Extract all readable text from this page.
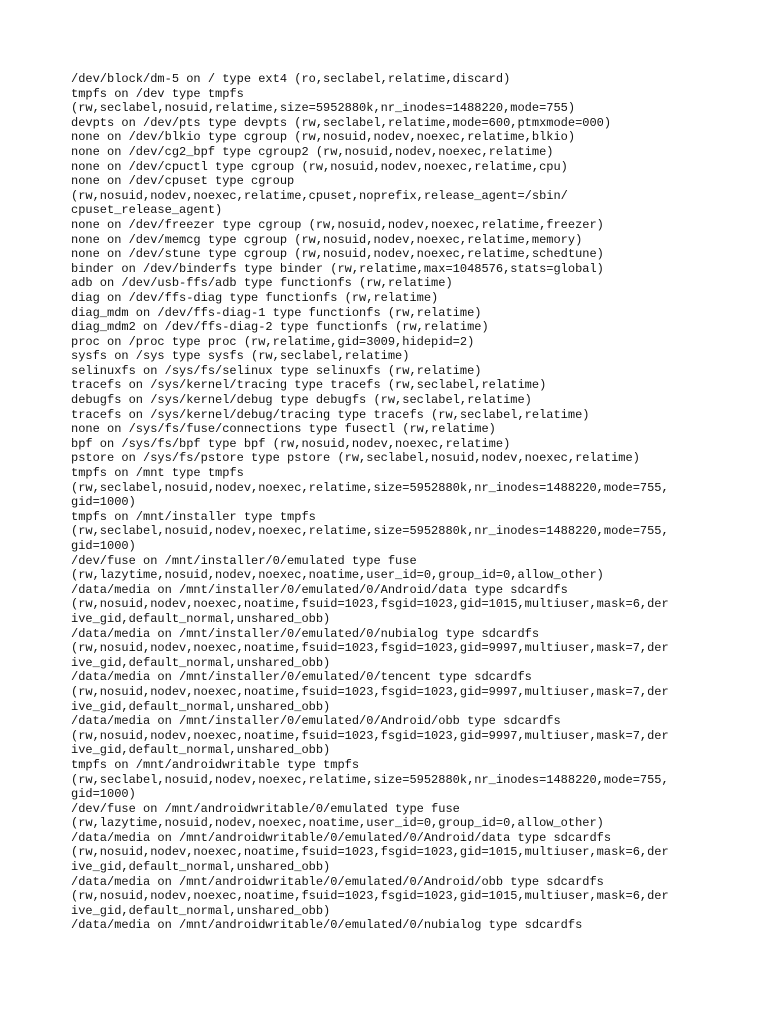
/dev/block/dm-5 on / type ext4 (ro,seclabel,relatime,discard)
tmpfs on /dev type tmpfs
(rw,seclabel,nosuid,relatime,size=5952880k,nr_inodes=1488220,mode=755)
devpts on /dev/pts type devpts (rw,seclabel,relatime,mode=600,ptmxmode=000)
none on /dev/blkio type cgroup (rw,nosuid,nodev,noexec,relatime,blkio)
none on /dev/cg2_bpf type cgroup2 (rw,nosuid,nodev,noexec,relatime)
none on /dev/cpuctl type cgroup (rw,nosuid,nodev,noexec,relatime,cpu)
none on /dev/cpuset type cgroup
(rw,nosuid,nodev,noexec,relatime,cpuset,noprefix,release_agent=/sbin/
cpuset_release_agent)
none on /dev/freezer type cgroup (rw,nosuid,nodev,noexec,relatime,freezer)
none on /dev/memcg type cgroup (rw,nosuid,nodev,noexec,relatime,memory)
none on /dev/stune type cgroup (rw,nosuid,nodev,noexec,relatime,schedtune)
binder on /dev/binderfs type binder (rw,relatime,max=1048576,stats=global)
adb on /dev/usb-ffs/adb type functionfs (rw,relatime)
diag on /dev/ffs-diag type functionfs (rw,relatime)
diag_mdm on /dev/ffs-diag-1 type functionfs (rw,relatime)
diag_mdm2 on /dev/ffs-diag-2 type functionfs (rw,relatime)
proc on /proc type proc (rw,relatime,gid=3009,hidepid=2)
sysfs on /sys type sysfs (rw,seclabel,relatime)
selinuxfs on /sys/fs/selinux type selinuxfs (rw,relatime)
tracefs on /sys/kernel/tracing type tracefs (rw,seclabel,relatime)
debugfs on /sys/kernel/debug type debugfs (rw,seclabel,relatime)
tracefs on /sys/kernel/debug/tracing type tracefs (rw,seclabel,relatime)
none on /sys/fs/fuse/connections type fusectl (rw,relatime)
bpf on /sys/fs/bpf type bpf (rw,nosuid,nodev,noexec,relatime)
pstore on /sys/fs/pstore type pstore (rw,seclabel,nosuid,nodev,noexec,relatime)
tmpfs on /mnt type tmpfs
(rw,seclabel,nosuid,nodev,noexec,relatime,size=5952880k,nr_inodes=1488220,mode=755,
gid=1000)
tmpfs on /mnt/installer type tmpfs
(rw,seclabel,nosuid,nodev,noexec,relatime,size=5952880k,nr_inodes=1488220,mode=755,
gid=1000)
/dev/fuse on /mnt/installer/0/emulated type fuse
(rw,lazytime,nosuid,nodev,noexec,noatime,user_id=0,group_id=0,allow_other)
/data/media on /mnt/installer/0/emulated/0/Android/data type sdcardfs
(rw,nosuid,nodev,noexec,noatime,fsuid=1023,fsgid=1023,gid=1015,multiuser,mask=6,der
ive_gid,default_normal,unshared_obb)
/data/media on /mnt/installer/0/emulated/0/nubialog type sdcardfs
(rw,nosuid,nodev,noexec,noatime,fsuid=1023,fsgid=1023,gid=9997,multiuser,mask=7,der
ive_gid,default_normal,unshared_obb)
/data/media on /mnt/installer/0/emulated/0/tencent type sdcardfs
(rw,nosuid,nodev,noexec,noatime,fsuid=1023,fsgid=1023,gid=9997,multiuser,mask=7,der
ive_gid,default_normal,unshared_obb)
/data/media on /mnt/installer/0/emulated/0/Android/obb type sdcardfs
(rw,nosuid,nodev,noexec,noatime,fsuid=1023,fsgid=1023,gid=9997,multiuser,mask=7,der
ive_gid,default_normal,unshared_obb)
tmpfs on /mnt/androidwritable type tmpfs
(rw,seclabel,nosuid,nodev,noexec,relatime,size=5952880k,nr_inodes=1488220,mode=755,
gid=1000)
/dev/fuse on /mnt/androidwritable/0/emulated type fuse
(rw,lazytime,nosuid,nodev,noexec,noatime,user_id=0,group_id=0,allow_other)
/data/media on /mnt/androidwritable/0/emulated/0/Android/data type sdcardfs
(rw,nosuid,nodev,noexec,noatime,fsuid=1023,fsgid=1023,gid=1015,multiuser,mask=6,der
ive_gid,default_normal,unshared_obb)
/data/media on /mnt/androidwritable/0/emulated/0/Android/obb type sdcardfs
(rw,nosuid,nodev,noexec,noatime,fsuid=1023,fsgid=1023,gid=1015,multiuser,mask=6,der
ive_gid,default_normal,unshared_obb)
/data/media on /mnt/androidwritable/0/emulated/0/nubialog type sdcardfs
